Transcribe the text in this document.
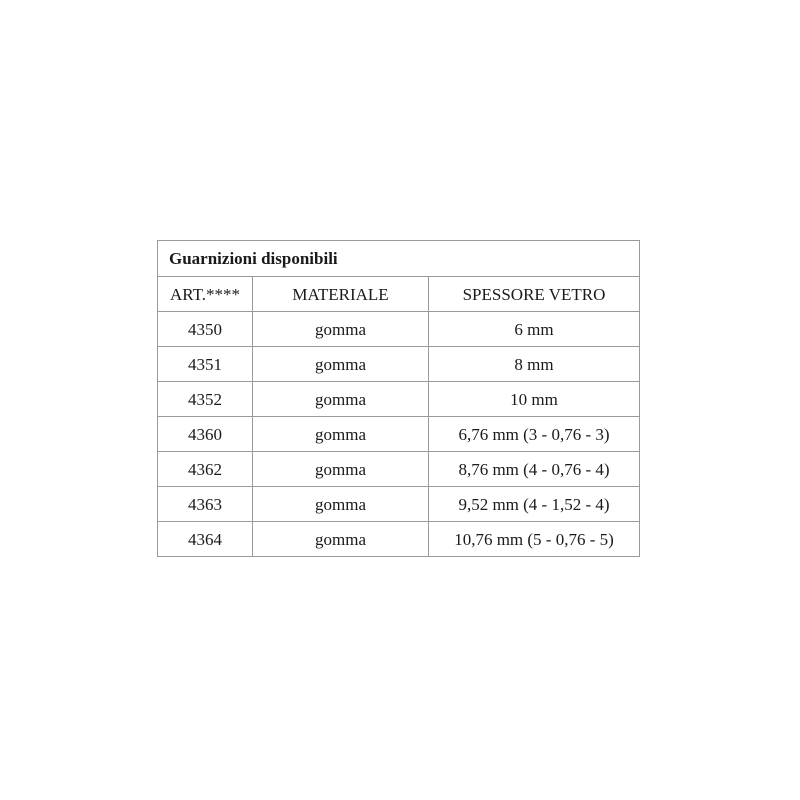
Guarnizioni disponibili		
ART.****	MATERIALE	SPESSORE VETRO
4350	gomma	6 mm
4351	gomma	8 mm
4352	gomma	10 mm
4360	gomma	6,76 mm (3 - 0,76 - 3)
4362	gomma	8,76 mm (4 - 0,76 - 4)
4363	gomma	9,52 mm (4 - 1,52 - 4)
4364	gomma	10,76 mm (5 - 0,76 - 5)
